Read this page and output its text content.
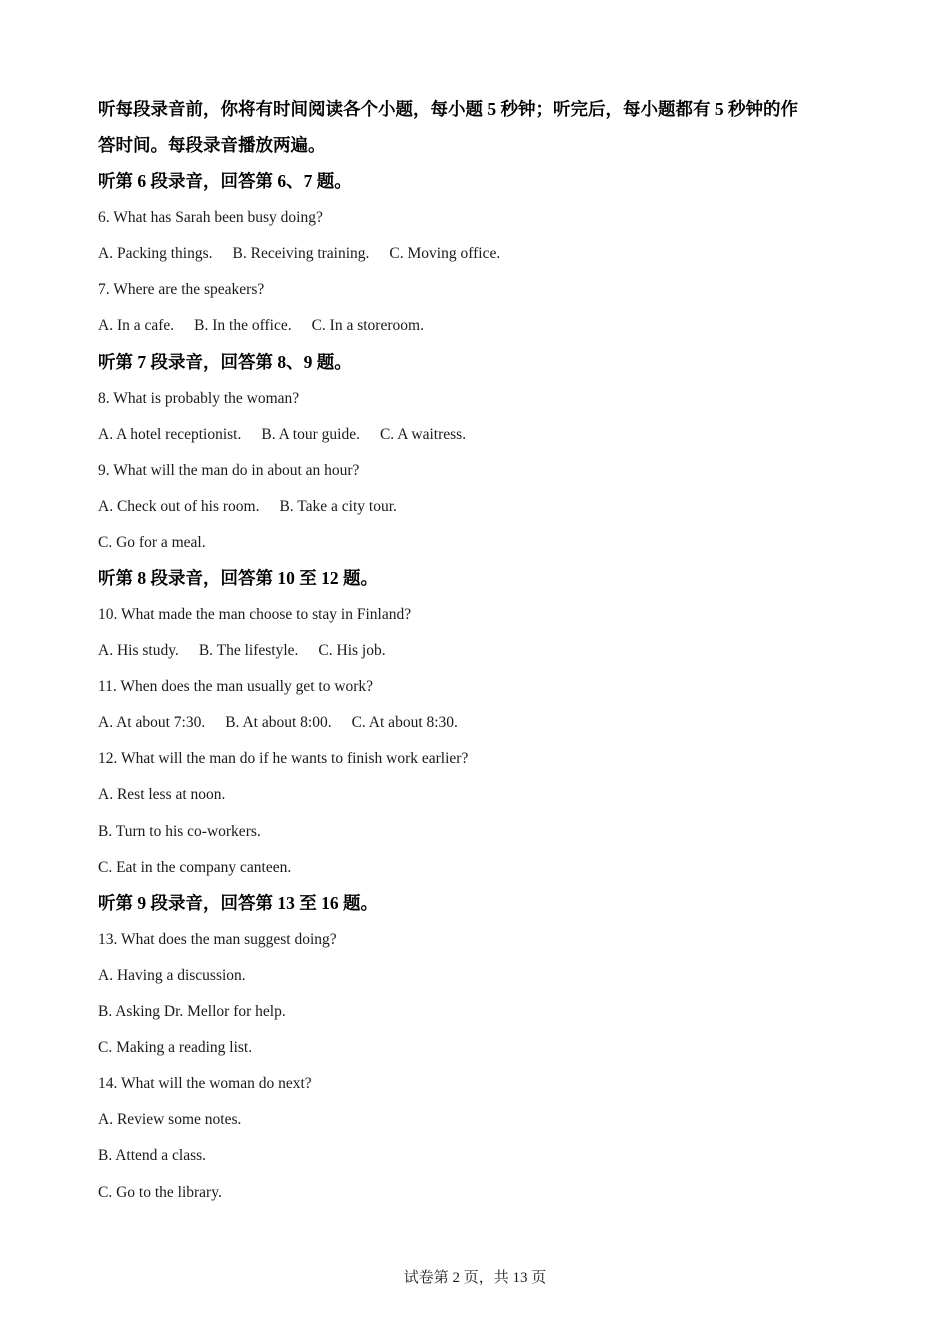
听每段录音前，你将有时间阅读各个小题，每小题 5 秒钟；听完后，每小题都有 5 秒钟的作
答时间。每段录音播放两遍。
听第 6 段录音，回答第 6、7 题。
6. What has Sarah been busy doing?
A. Packing things. B. Receiving training. C. Moving office.
7. Where are the speakers?
A. In a cafe. B. In the office. C. In a storeroom.
听第 7 段录音，回答第 8、9 题。
8. What is probably the woman?
A. A hotel receptionist. B. A tour guide. C. A waitress.
9. What will the man do in about an hour?
A. Check out of his room. B. Take a city tour.
C. Go for a meal.
听第 8 段录音，回答第 10 至 12 题。
10. What made the man choose to stay in Finland?
A. His study. B. The lifestyle. C. His job.
11. When does the man usually get to work?
A. At about 7:30. B. At about 8:00. C. At about 8:30.
12. What will the man do if he wants to finish work earlier?
A. Rest less at noon.
B. Turn to his co-workers.
C. Eat in the company canteen.
听第 9 段录音，回答第 13 至 16 题。
13. What does the man suggest doing?
A. Having a discussion.
B. Asking Dr. Mellor for help.
C. Making a reading list.
14. What will the woman do next?
A. Review some notes.
B. Attend a class.
C. Go to the library.
试卷第 2 页，共 13 页
